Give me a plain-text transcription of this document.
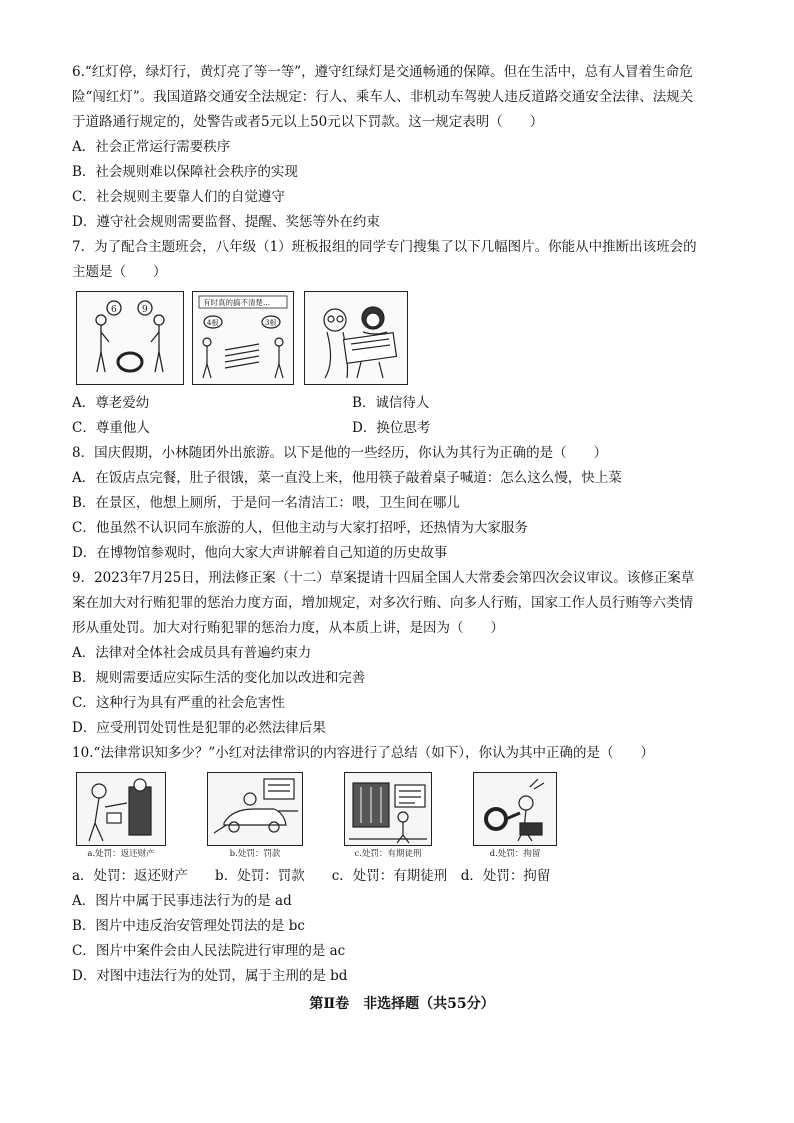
6.“红灯停，绿灯行，黄灯亮了等一等”，遵守红绿灯是交通畅通的保障。但在生活中，总有人冒着生命危
险“闯红灯”。我国道路交通安全法规定：行人、乘车人、非机动车驾驶人违反道路交通安全法律、法规关
于道路通行规定的，处警告或者5元以上50元以下罚款。这一规定表明（　　）
A．社会正常运行需要秩序
B．社会规则难以保障社会秩序的实现
C．社会规则主要靠人们的自觉遵守
D．遵守社会规则需要监督、提醒、奖惩等外在约束
7．为了配合主题班会，八年级（1）班板报组的同学专门搜集了以下几幅图片。你能从中推断出该班会的
主题是（　　）
6	9
有时真的搞不清楚...
4根	3根
A．尊老爱幼	B．诚信待人
C．尊重他人	D．换位思考
8．国庆假期，小林随团外出旅游。以下是他的一些经历，你认为其行为正确的是（　　）
A．在饭店点完餐，肚子很饿，菜一直没上来，他用筷子敲着桌子喊道：怎么这么慢，快上菜
B．在景区，他想上厕所，于是问一名清洁工：喂，卫生间在哪儿
C．他虽然不认识同车旅游的人，但他主动与大家打招呼，还热情为大家服务
D．在博物馆参观时，他向大家大声讲解着自己知道的历史故事
9．2023年7月25日，刑法修正案（十二）草案提请十四届全国人大常委会第四次会议审议。该修正案草
案在加大对行贿犯罪的惩治力度方面，增加规定，对多次行贿、向多人行贿，国家工作人员行贿等六类情
形从重处罚。加大对行贿犯罪的惩治力度，从本质上讲，是因为（　　）
A．法律对全体社会成员具有普遍约束力
B．规则需要适应实际生活的变化加以改进和完善
C．这种行为具有严重的社会危害性
D．应受刑罚处罚性是犯罪的必然法律后果
10.“法律常识知多少？”小红对法律常识的内容进行了总结（如下），你认为其中正确的是（　　）
a.处罚：返还财产	b.处罚：罚款	c.处罚：有期徒刑	d.处罚：拘留
a．处罚：返还财产　　b．处罚：罚款　　c．处罚：有期徒刑　d．处罚：拘留
A．图片中属于民事违法行为的是 ad
B．图片中违反治安管理处罚法的是 bc
C．图片中案件会由人民法院进行审理的是 ac
D．对图中违法行为的处罚，属于主刑的是 bd
第Ⅱ卷　非选择题（共55分）
